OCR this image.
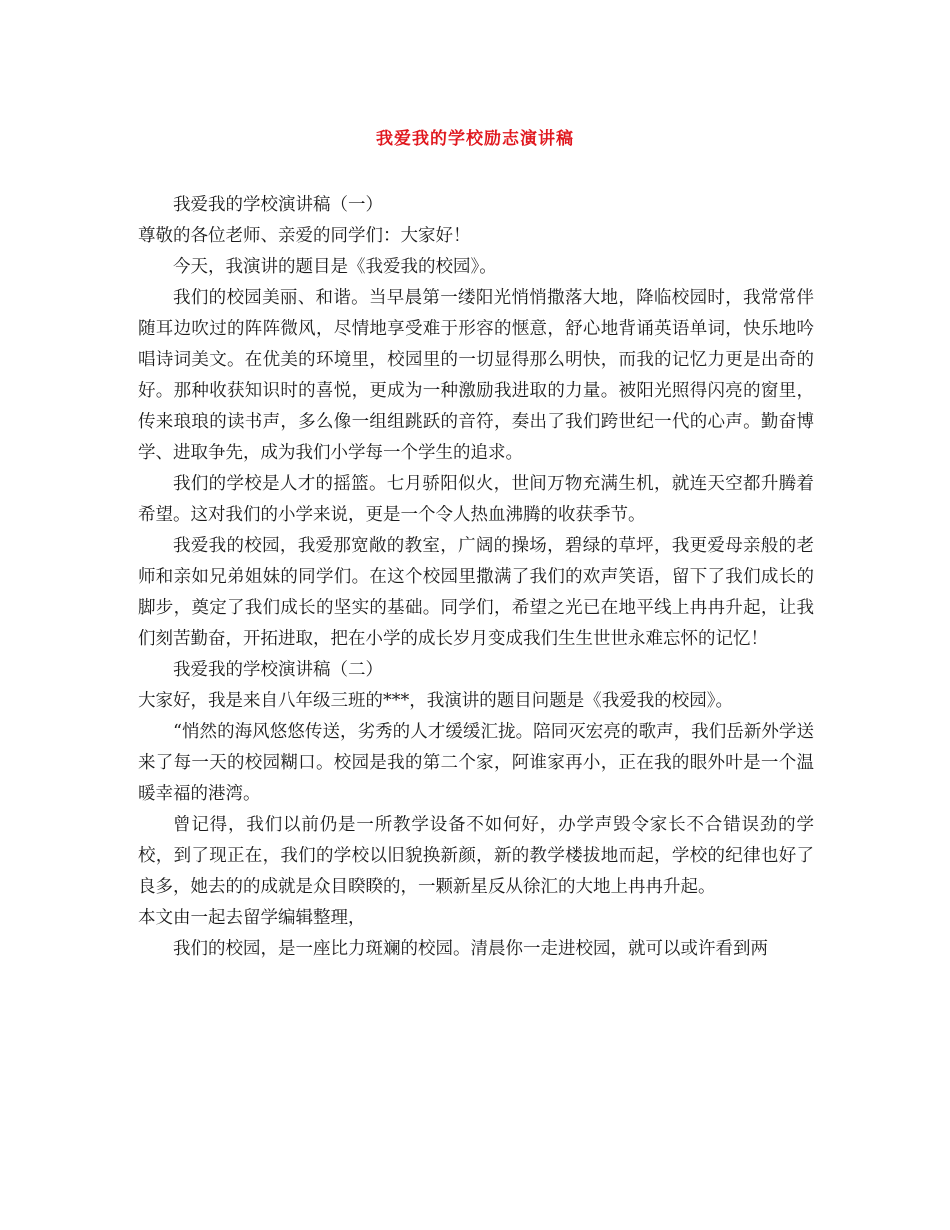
我爱我的学校励志演讲稿

我爱我的学校演讲稿（一）

尊敬的各位老师、亲爱的同学们：大家好！

今天，我演讲的题目是《我爱我的校园》。

我们的校园美丽、和谐。当早晨第一缕阳光悄悄撒落大地，降临校园时，我常常伴随耳边吹过的阵阵微风，尽情地享受难于形容的惬意，舒心地背诵英语单词，快乐地吟唱诗词美文。在优美的环境里，校园里的一切显得那么明快，而我的记忆力更是出奇的好。那种收获知识时的喜悦，更成为一种激励我进取的力量。被阳光照得闪亮的窗里，传来琅琅的读书声，多么像一组组跳跃的音符，奏出了我们跨世纪一代的心声。勤奋博学、进取争先，成为我们小学每一个学生的追求。

我们的学校是人才的摇篮。七月骄阳似火，世间万物充满生机，就连天空都升腾着希望。这对我们的小学来说，更是一个令人热血沸腾的收获季节。

我爱我的校园，我爱那宽敞的教室，广阔的操场，碧绿的草坪，我更爱母亲般的老师和亲如兄弟姐妹的同学们。在这个校园里撒满了我们的欢声笑语，留下了我们成长的脚步，奠定了我们成长的坚实的基础。同学们，希望之光已在地平线上冉冉升起，让我们刻苦勤奋，开拓进取，把在小学的成长岁月变成我们生生世世永难忘怀的记忆！

我爱我的学校演讲稿（二）

大家好，我是来自八年级三班的***，我演讲的题目问题是《我爱我的校园》。

“悄然的海风悠悠传送，劣秀的人才缓缓汇拢。陪同灭宏亮的歌声，我们岳新外学送来了每一天的校园糊口。校园是我的第二个家，阿谁家再小，正在我的眼外叶是一个温暖幸福的港湾。

曾记得，我们以前仍是一所教学设备不如何好，办学声毁令家长不合错误劲的学校，到了现正在，我们的学校以旧貌换新颜，新的教学楼拔地而起，学校的纪律也好了良多，她去的的成就是众目睽睽的，一颗新星反从徐汇的大地上冉冉升起。

本文由一起去留学编辑整理，

我们的校园，是一座比力斑斓的校园。清晨你一走进校园，就可以或许看到两
